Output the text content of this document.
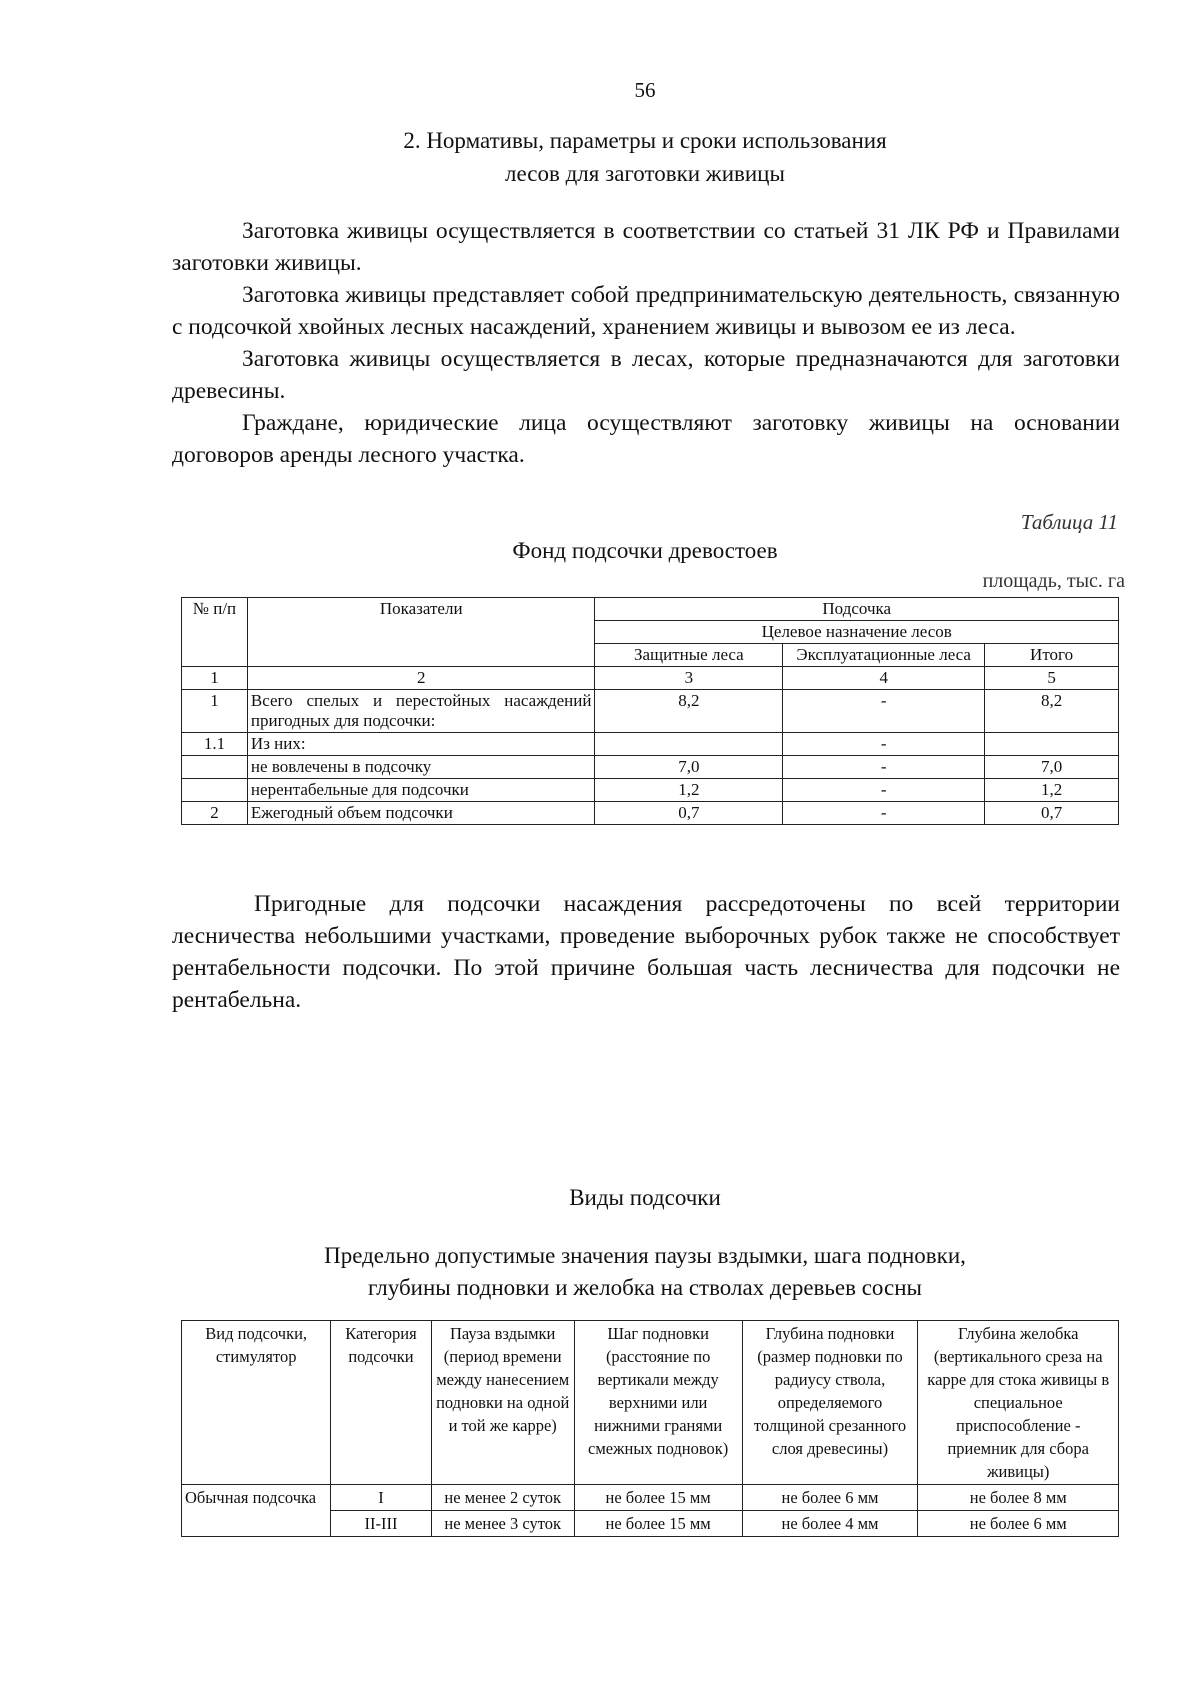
56
2. Нормативы, параметры и сроки использования
лесов для заготовки живицы

Заготовка живицы осуществляется в соответствии со статьей 31 ЛК РФ и Правилами заготовки живицы.

Заготовка живицы представляет собой предпринимательскую деятельность, связанную с подсочкой хвойных лесных насаждений, хранением живицы и вывозом ее из леса.

Заготовка живицы осуществляется в лесах, которые предназначаются для заготовки древесины.

Граждане, юридические лица осуществляют заготовку живицы на основании договоров аренды лесного участка.

Таблица 11
Фонд подсочки древостоев
площадь, тыс. га
№ п/п	Показатели	Подсочка		
		Целевое назначение лесов		
		Защитные леса	Эксплуатационные леса	Итого
1	2	3	4	5
1	Всего спелых и перестойных насаждений пригодных для подсочки:	8,2	-	8,2
1.1	Из них:		-	
	не вовлечены в подсочку	7,0	-	7,0
	нерентабельные для подсочки	1,2	-	1,2
2	Ежегодный объем подсочки	0,7	-	0,7

Пригодные для подсочки насаждения рассредоточены по всей территории лесничества небольшими участками, проведение выборочных рубок также не способствует рентабельности подсочки. По этой причине большая часть лесничества для подсочки не рентабельна.

Виды подсочки
Предельно допустимые значения паузы вздымки, шага подновки,
глубины подновки и желобка на стволах деревьев сосны
Вид подсочки, стимулятор	Категория подсочки	Пауза вздымки (период времени между нанесением подновки на одной и той же карре)	Шаг подновки (расстояние по вертикали между верхними или нижними гранями смежных подновок)	Глубина подновки (размер подновки по радиусу ствола, определяемого толщиной срезанного слоя древесины)	Глубина желобка (вертикального среза на карре для стока живицы в специальное приспособление - приемник для сбора живицы)
Обычная подсочка	I	не менее 2 суток	не более 15 мм	не более 6 мм	не более 8 мм
	II-III	не менее 3 суток	не более 15 мм	не более 4 мм	не более 6 мм
